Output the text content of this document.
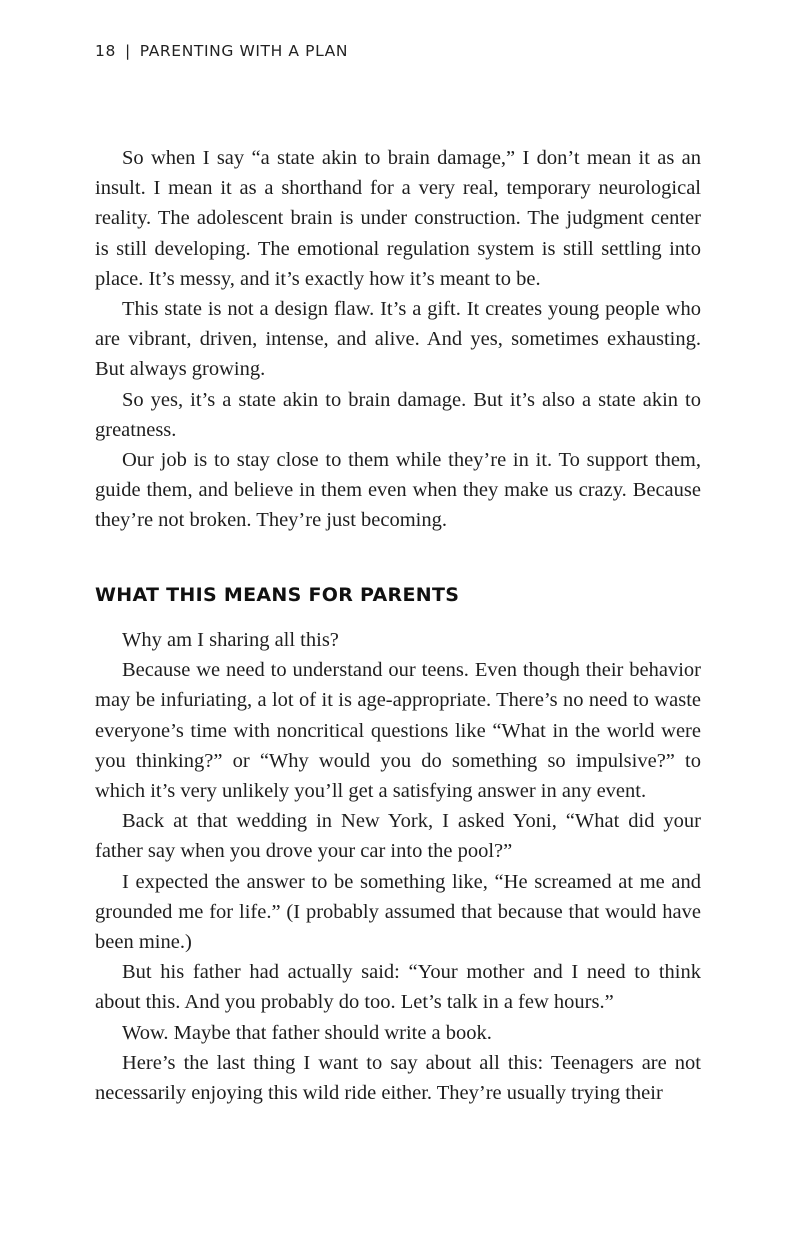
18 | PARENTING WITH A PLAN

So when I say “a state akin to brain damage,” I don’t mean it as an insult. I mean it as a shorthand for a very real, temporary neurological reality. The adolescent brain is under construction. The judgment center is still developing. The emotional regulation system is still settling into place. It’s messy, and it’s exactly how it’s meant to be.

This state is not a design flaw. It’s a gift. It creates young people who are vibrant, driven, intense, and alive. And yes, sometimes exhausting. But always growing.

So yes, it’s a state akin to brain damage. But it’s also a state akin to greatness.

Our job is to stay close to them while they’re in it. To support them, guide them, and believe in them even when they make us crazy. Because they’re not broken. They’re just becoming.

WHAT THIS MEANS FOR PARENTS

Why am I sharing all this?

Because we need to understand our teens. Even though their behavior may be infuriating, a lot of it is age-appropriate. There’s no need to waste everyone’s time with noncritical questions like “What in the world were you thinking?” or “Why would you do something so impulsive?” to which it’s very unlikely you’ll get a satisfying answer in any event.

Back at that wedding in New York, I asked Yoni, “What did your father say when you drove your car into the pool?”

I expected the answer to be something like, “He screamed at me and grounded me for life.” (I probably assumed that because that would have been mine.)

But his father had actually said: “Your mother and I need to think about this. And you probably do too. Let’s talk in a few hours.”

Wow. Maybe that father should write a book.

Here’s the last thing I want to say about all this: Teenagers are not necessarily enjoying this wild ride either. They’re usually trying their
